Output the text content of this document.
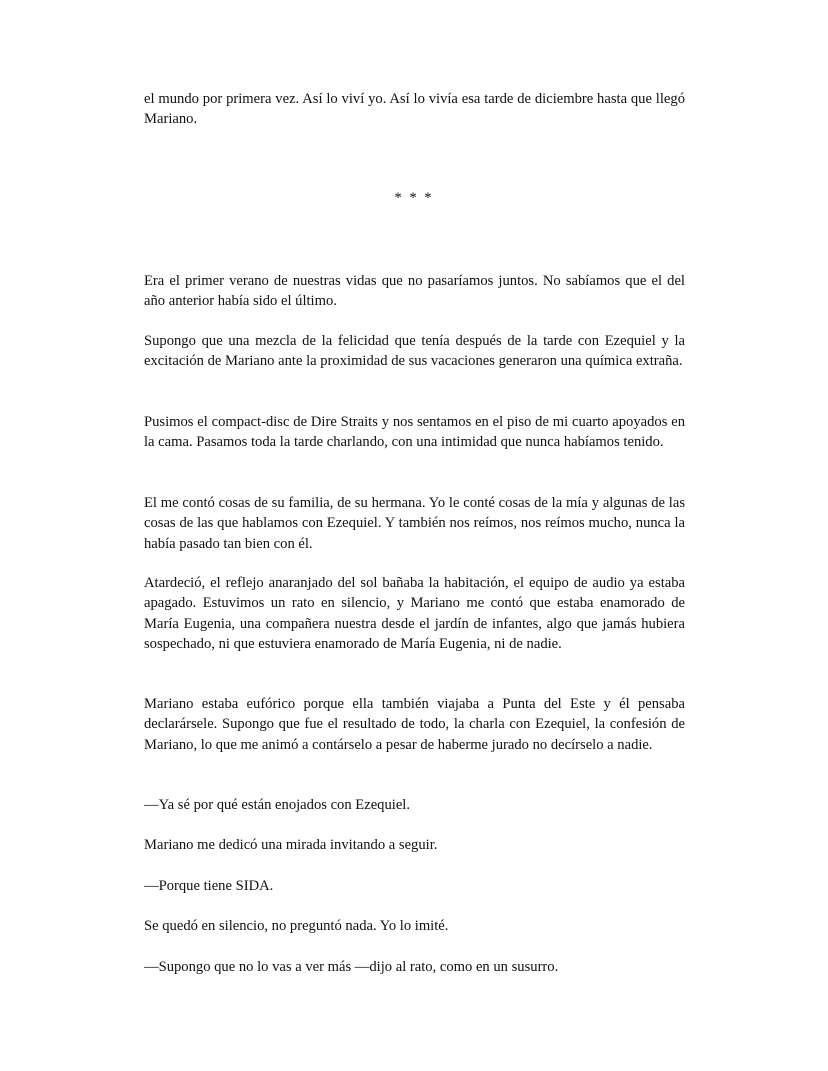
el mundo por primera vez. Así lo viví yo. Así lo vivía esa tarde de diciembre hasta que llegó Mariano.

* * *

Era el primer verano de nuestras vidas que no pasaríamos juntos. No sabíamos que el del año anterior había sido el último.

Supongo que una mezcla de la felicidad que tenía después de la tarde con Ezequiel y la excitación de Mariano ante la proximidad de sus vacaciones generaron una química extraña.

Pusimos el compact-disc de Dire Straits y nos sentamos en el piso de mi cuarto apoyados en la cama. Pasamos toda la tarde charlando, con una intimidad que nunca habíamos tenido.

El me contó cosas de su familia, de su hermana. Yo le conté cosas de la mía y algunas de las cosas de las que hablamos con Ezequiel. Y también nos reímos, nos reímos mucho, nunca la había pasado tan bien con él.

Atardeció, el reflejo anaranjado del sol bañaba la habitación, el equipo de audio ya estaba apagado. Estuvimos un rato en silencio, y Mariano me contó que estaba enamorado de María Eugenia, una compañera nuestra desde el jardín de infantes, algo que jamás hubiera sospechado, ni que estuviera enamorado de María Eugenia, ni de nadie.

Mariano estaba eufórico porque ella también viajaba a Punta del Este y él pensaba declarársele. Supongo que fue el resultado de todo, la charla con Ezequiel, la confesión de Mariano, lo que me animó a contárselo a pesar de haberme jurado no decírselo a nadie.

—Ya sé por qué están enojados con Ezequiel.

Mariano me dedicó una mirada invitando a seguir.

—Porque tiene SIDA.

Se quedó en silencio, no preguntó nada. Yo lo imité.

—Supongo que no lo vas a ver más —dijo al rato, como en un susurro.
